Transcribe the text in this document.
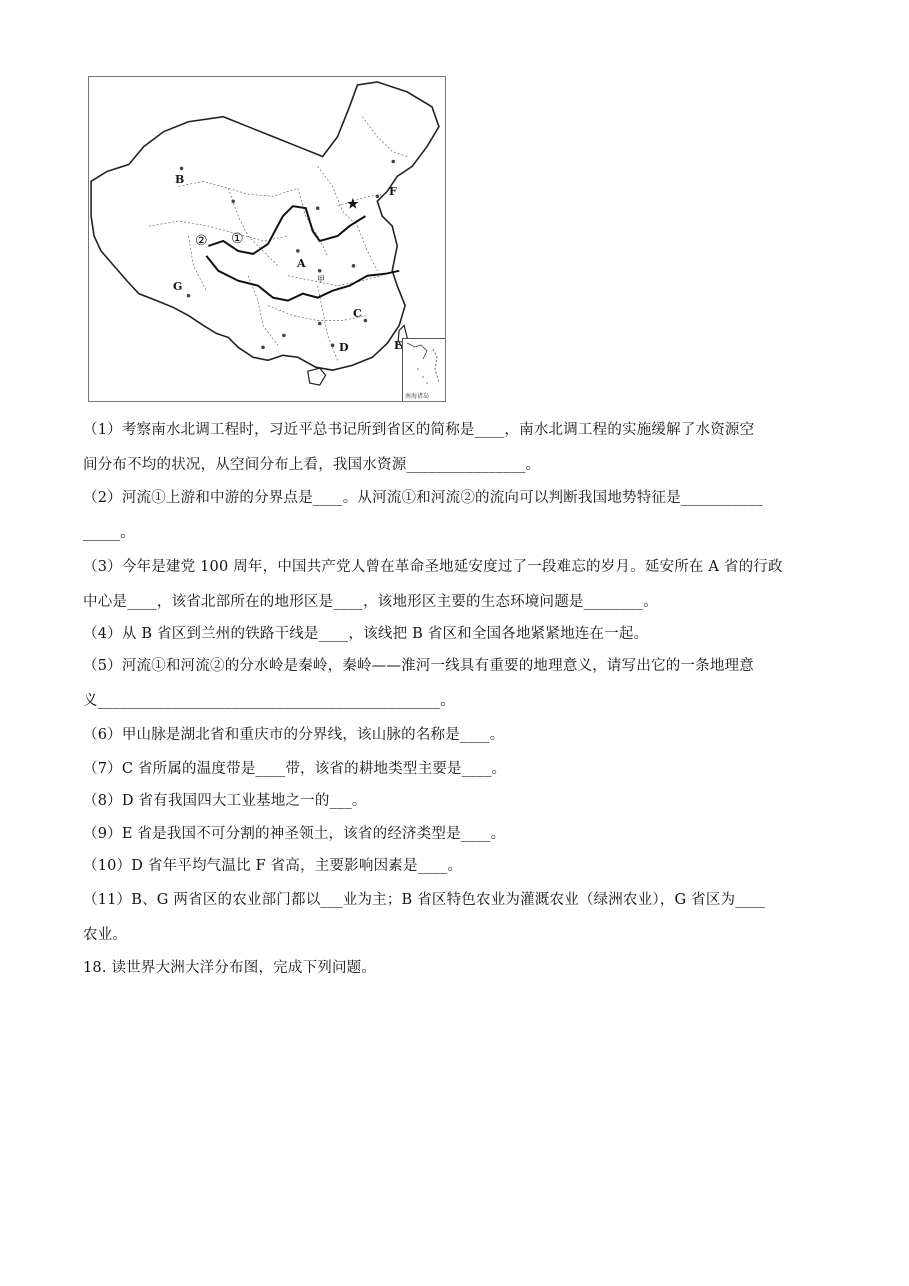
B
F
★
② ①
A
甲
G
C
D	E
南海诸岛
（1）考察南水北调工程时，习近平总书记所到省区的简称是____，南水北调工程的实施缓解了水资源空
间分布不均的状况，从空间分布上看，我国水资源________________。
（2）河流①上游和中游的分界点是____。从河流①和河流②的流向可以判断我国地势特征是___________
_____。
（3）今年是建党 100 周年，中国共产党人曾在革命圣地延安度过了一段难忘的岁月。延安所在 A 省的行政
中心是____，该省北部所在的地形区是____，该地形区主要的生态环境问题是________。
（4）从 B 省区到兰州的铁路干线是____，该线把 B 省区和全国各地紧紧地连在一起。
（5）河流①和河流②的分水岭是秦岭，秦岭——淮河一线具有重要的地理意义，请写出它的一条地理意
义______________________________________________。
（6）甲山脉是湖北省和重庆市的分界线，该山脉的名称是____。
（7）C 省所属的温度带是____带，该省的耕地类型主要是____。
（8）D 省有我国四大工业基地之一的___。
（9）E 省是我国不可分割的神圣领土，该省的经济类型是____。
（10）D 省年平均气温比 F 省高，主要影响因素是____。
（11）B、G 两省区的农业部门都以___业为主；B 省区特色农业为灌溉农业（绿洲农业），G 省区为____
农业。
18. 读世界大洲大洋分布图，完成下列问题。
